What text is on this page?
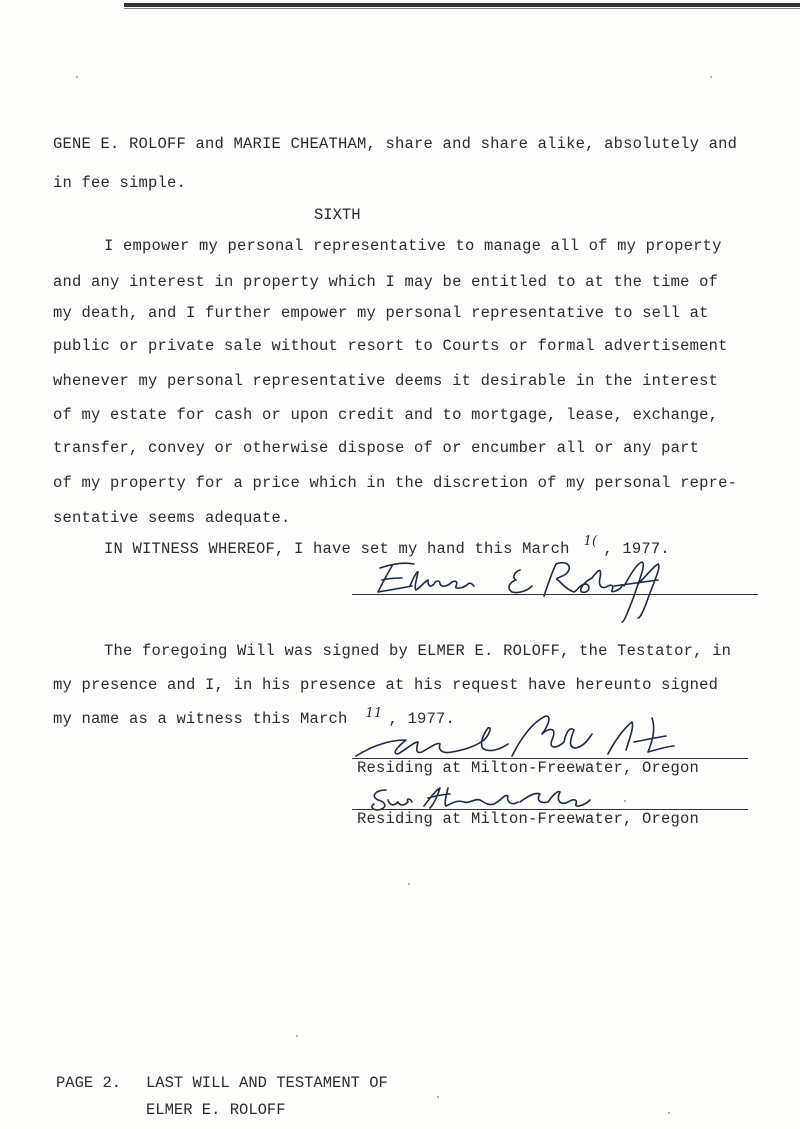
GENE E. ROLOFF and MARIE CHEATHAM, share and share alike, absolutely and
in fee simple.
SIXTH
I empower my personal representative to manage all of my property
and any interest in property which I may be entitled to at the time of
my death, and I further empower my personal representative to sell at
public or private sale without resort to Courts or formal advertisement
whenever my personal representative deems it desirable in the interest
of my estate for cash or upon credit and to mortgage, lease, exchange,
transfer, convey or otherwise dispose of or encumber all or any part
of my property for a price which in the discretion of my personal repre-
sentative seems adequate.
IN WITNESS WHEREOF, I have set my hand this March 1( , 1977.
The foregoing Will was signed by ELMER E. ROLOFF, the Testator, in
my presence and I, in his presence at his request have hereunto signed
my name as a witness this March 11 , 1977.
Residing at Milton-Freewater, Oregon
Residing at Milton-Freewater, Oregon
PAGE 2. LAST WILL AND TESTAMENT OF
ELMER E. ROLOFF
